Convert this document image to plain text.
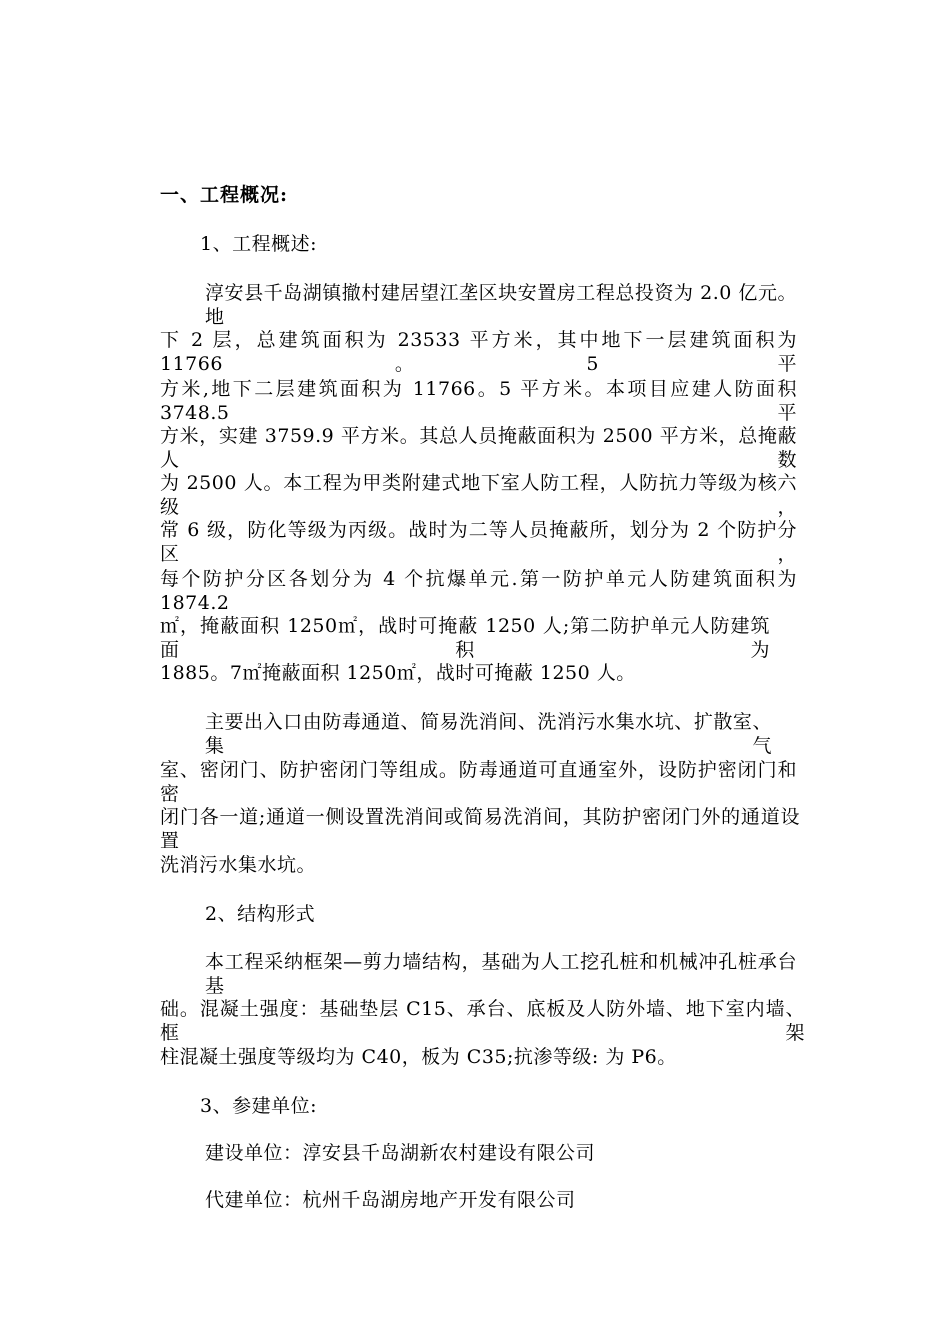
一、工程概况:
1、工程概述:
淳安县千岛湖镇撤村建居望江垄区块安置房工程总投资为 2.0 亿元。地
下 2 层，总建筑面积为 23533 平方米，其中地下一层建筑面积为 11766。5 平
方米,地下二层建筑面积为 11766。5 平方米。本项目应建人防面积 3748.5 平
方米，实建 3759.9 平方米。其总人员掩蔽面积为 2500 平方米，总掩蔽人数
为 2500 人。本工程为甲类附建式地下室人防工程，人防抗力等级为核六级，
常 6 级，防化等级为丙级。战时为二等人员掩蔽所，划分为 2 个防护分区，
每个防护分区各划分为 4 个抗爆单元.第一防护单元人防建筑面积为 1874.2
㎡，掩蔽面积 1250㎡，战时可掩蔽 1250 人;第二防护单元人防建筑面积为
1885。7㎡掩蔽面积 1250㎡，战时可掩蔽 1250 人。
主要出入口由防毒通道、简易洗消间、洗消污水集水坑、扩散室、集气
室、密闭门、防护密闭门等组成。防毒通道可直通室外，设防护密闭门和密
闭门各一道;通道一侧设置洗消间或简易洗消间，其防护密闭门外的通道设置
洗消污水集水坑。
2、结构形式
本工程采纳框架—剪力墙结构，基础为人工挖孔桩和机械冲孔桩承台基
础。混凝土强度：基础垫层 C15、承台、底板及人防外墙、地下室内墙、框架
柱混凝土强度等级均为 C40，板为 C35;抗渗等级: 为 P6。
3、参建单位:
建设单位：淳安县千岛湖新农村建设有限公司
代建单位：杭州千岛湖房地产开发有限公司
